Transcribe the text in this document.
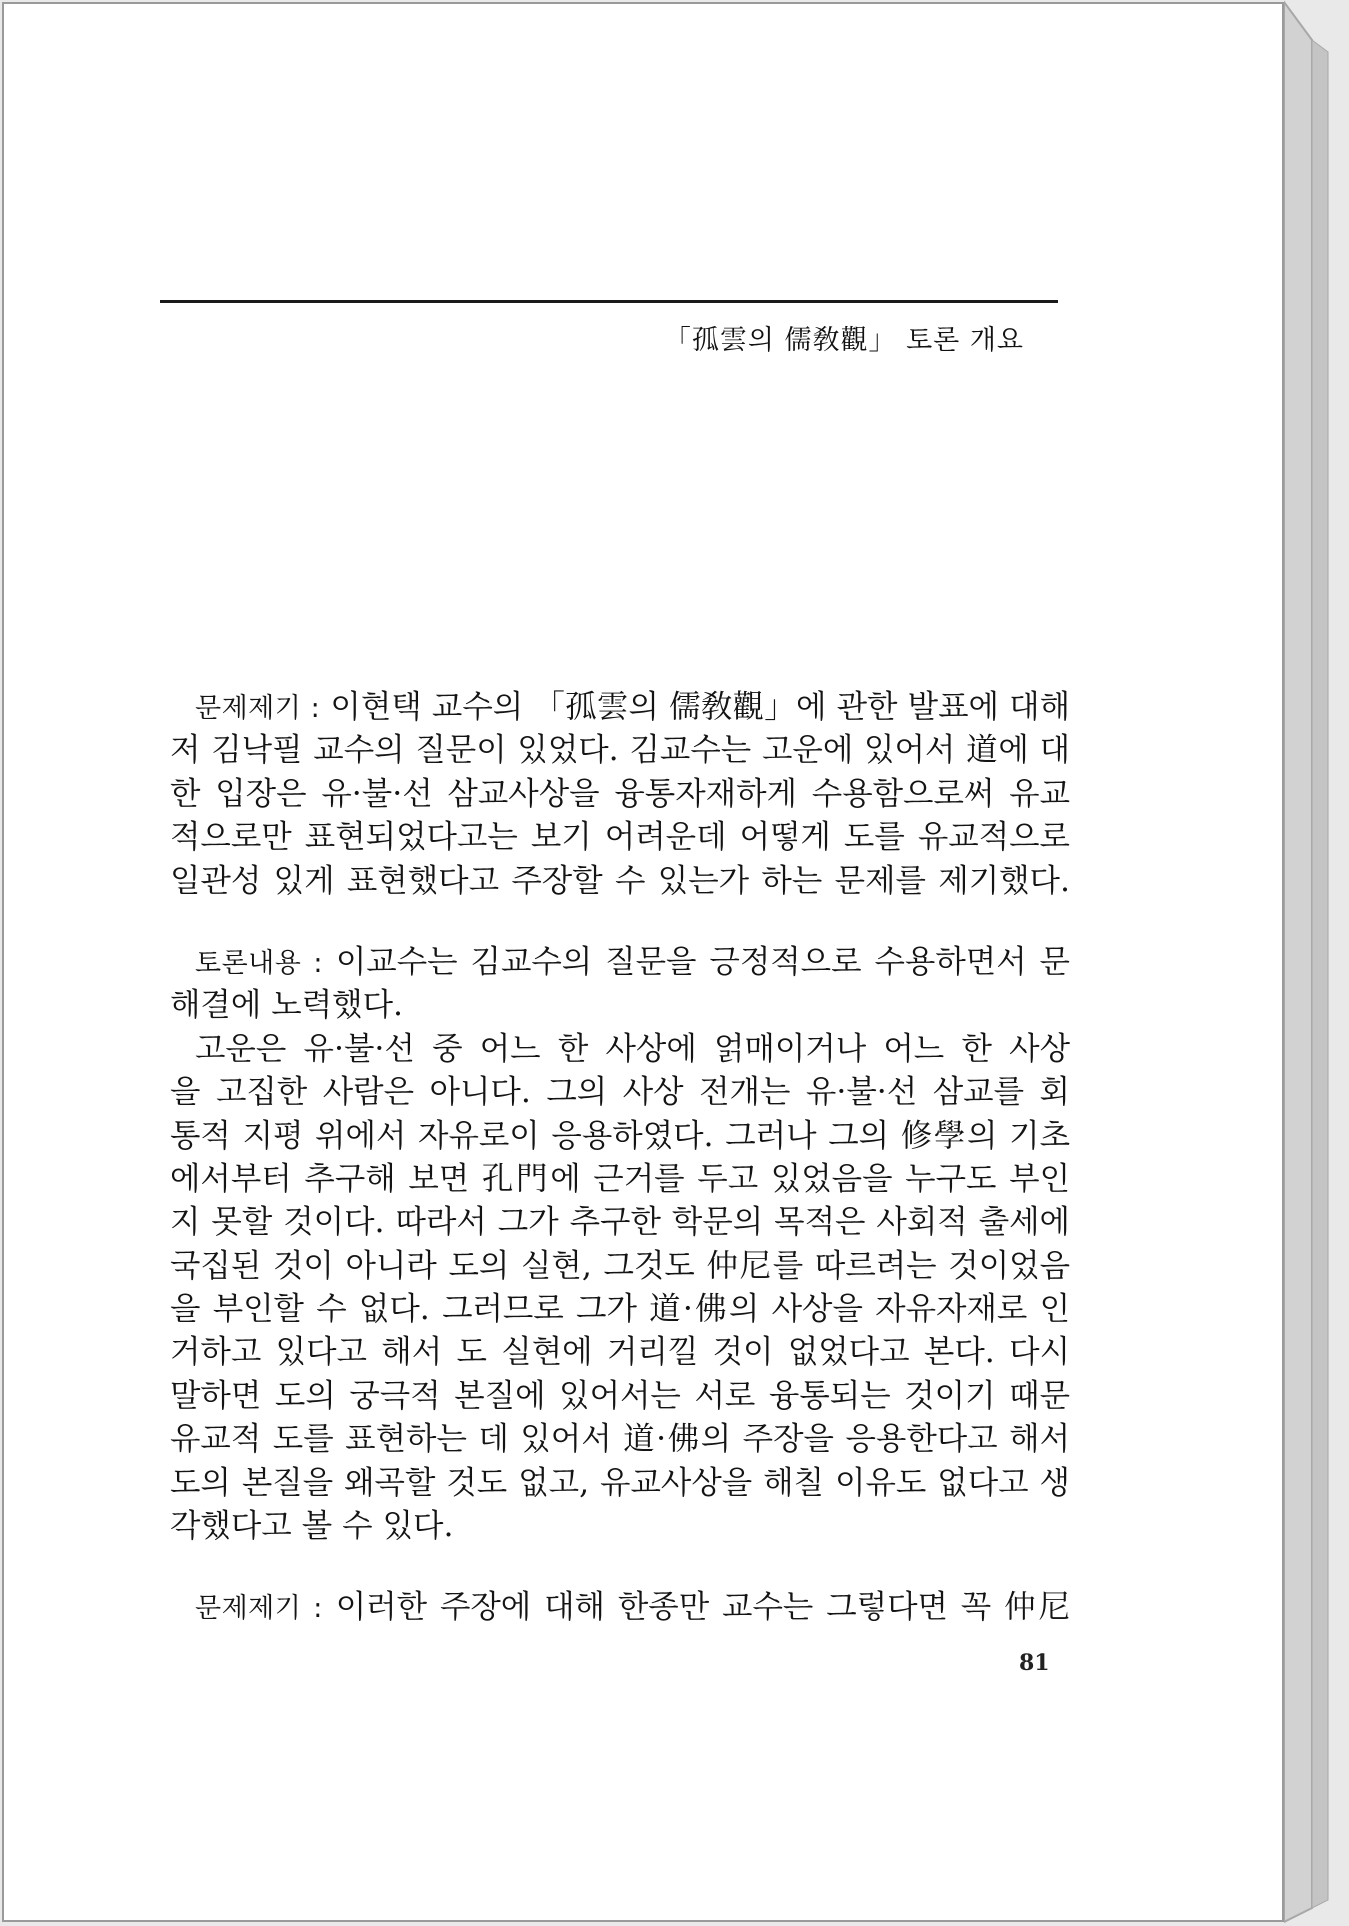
「孤雲의 儒敎觀」 토론 개요
문제제기 : 이현택 교수의 「孤雲의 儒敎觀」에 관한 발표에 대해
저 김낙필 교수의 질문이 있었다. 김교수는 고운에 있어서 道에 대
한 입장은 유·불·선 삼교사상을 융통자재하게 수용함으로써 유교
적으로만 표현되었다고는 보기 어려운데 어떻게 도를 유교적으로
일관성 있게 표현했다고 주장할 수 있는가 하는 문제를 제기했다.
토론내용 : 이교수는 김교수의 질문을 긍정적으로 수용하면서 문
해결에 노력했다.
고운은 유·불·선 중 어느 한 사상에 얽매이거나 어느 한 사상
을 고집한 사람은 아니다. 그의 사상 전개는 유·불·선 삼교를 회
통적 지평 위에서 자유로이 응용하였다. 그러나 그의 修學의 기초
에서부터 추구해 보면 孔門에 근거를 두고 있었음을 누구도 부인
지 못할 것이다. 따라서 그가 추구한 학문의 목적은 사회적 출세에
국집된 것이 아니라 도의 실현, 그것도 仲尼를 따르려는 것이었음
을 부인할 수 없다. 그러므로 그가 道·佛의 사상을 자유자재로 인
거하고 있다고 해서 도 실현에 거리낄 것이 없었다고 본다. 다시
말하면 도의 궁극적 본질에 있어서는 서로 융통되는 것이기 때문
유교적 도를 표현하는 데 있어서 道·佛의 주장을 응용한다고 해서
도의 본질을 왜곡할 것도 없고, 유교사상을 해칠 이유도 없다고 생
각했다고 볼 수 있다.
문제제기 : 이러한 주장에 대해 한종만 교수는 그렇다면 꼭 仲尼
81
